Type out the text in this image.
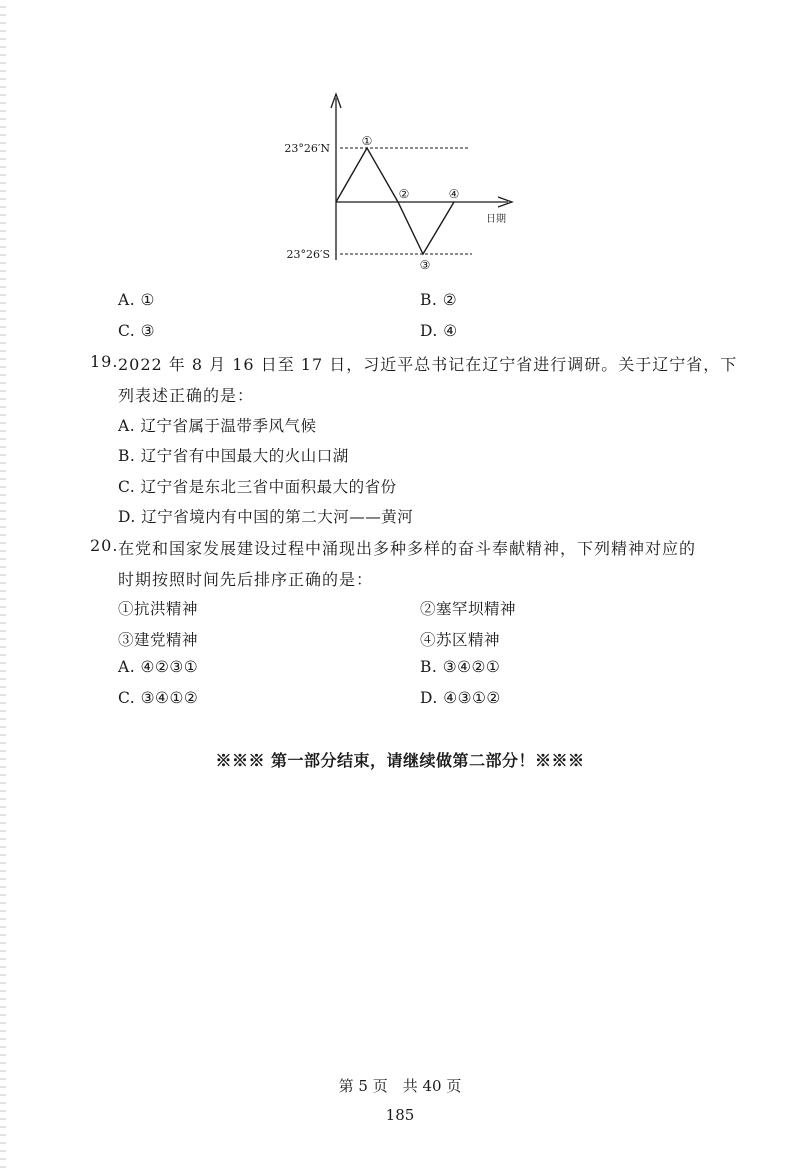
23°26′N
23°26′S
日期
①
②
③
④
A. ①	B. ②
C. ③	D. ④
19. 2022 年 8 月 16 日至 17 日，习近平总书记在辽宁省进行调研。关于辽宁省，下
列表述正确的是：
A. 辽宁省属于温带季风气候
B. 辽宁省有中国最大的火山口湖
C. 辽宁省是东北三省中面积最大的省份
D. 辽宁省境内有中国的第二大河——黄河
20. 在党和国家发展建设过程中涌现出多种多样的奋斗奉献精神，下列精神对应的
时期按照时间先后排序正确的是：
①抗洪精神	②塞罕坝精神
③建党精神	④苏区精神
A. ④②③①	B. ③④②①
C. ③④①②	D. ④③①②
※※※ 第一部分结束，请继续做第二部分！※※※
第 5 页　共 40 页
185
